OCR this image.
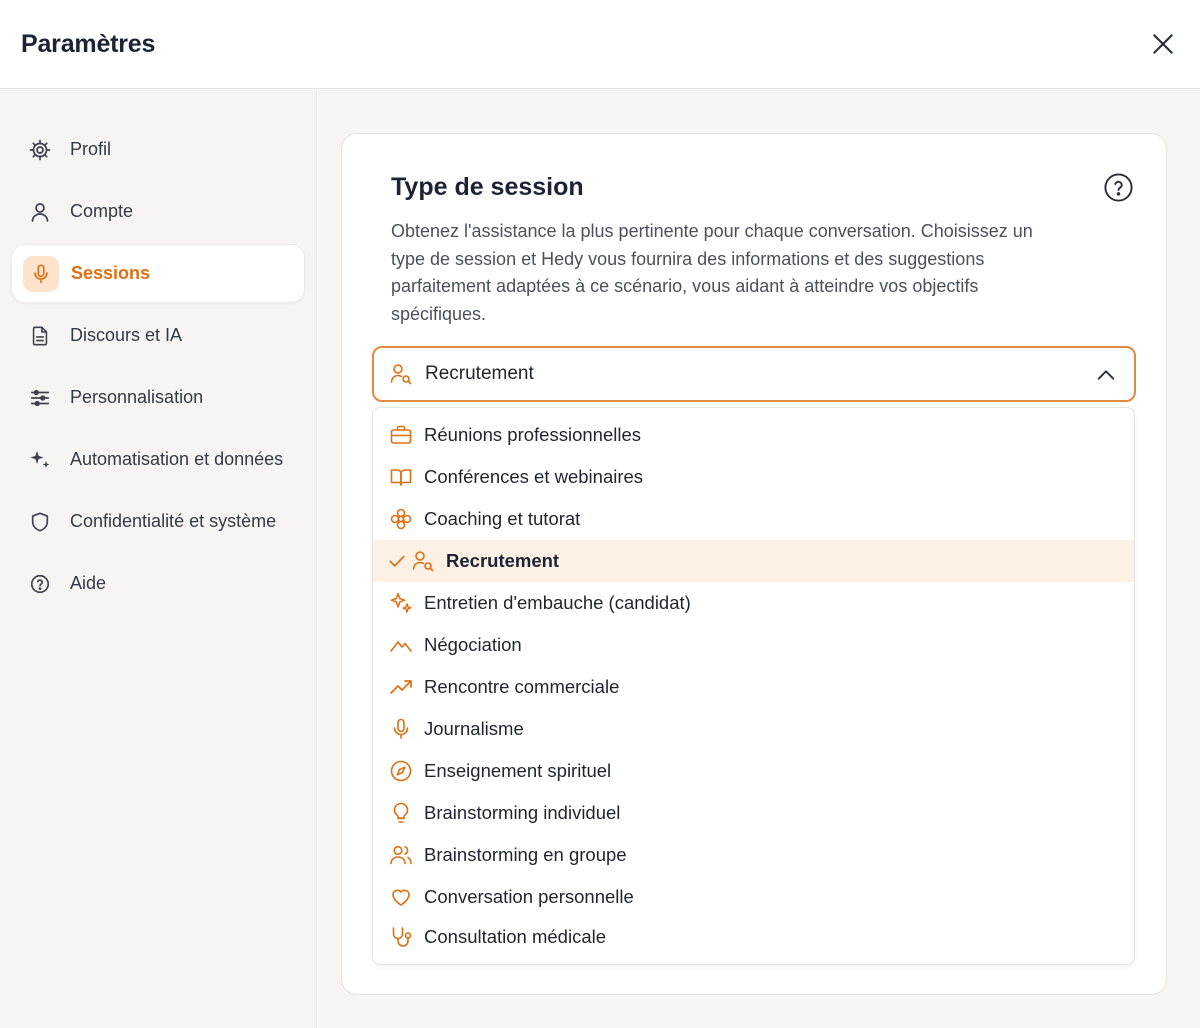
Paramètres
Profil
Compte
Sessions
Discours et IA
Personnalisation
Automatisation et données
Confidentialité et système
Aide
Type de session
Obtenez l'assistance la plus pertinente pour chaque conversation. Choisissez un type de session et Hedy vous fournira des informations et des suggestions parfaitement adaptées à ce scénario, vous aidant à atteindre vos objectifs spécifiques.
Recrutement
Réunions professionnelles
Conférences et webinaires
Coaching et tutorat
Recrutement
Entretien d'embauche (candidat)
Négociation
Rencontre commerciale
Journalisme
Enseignement spirituel
Brainstorming individuel
Brainstorming en groupe
Conversation personnelle
Consultation médicale
